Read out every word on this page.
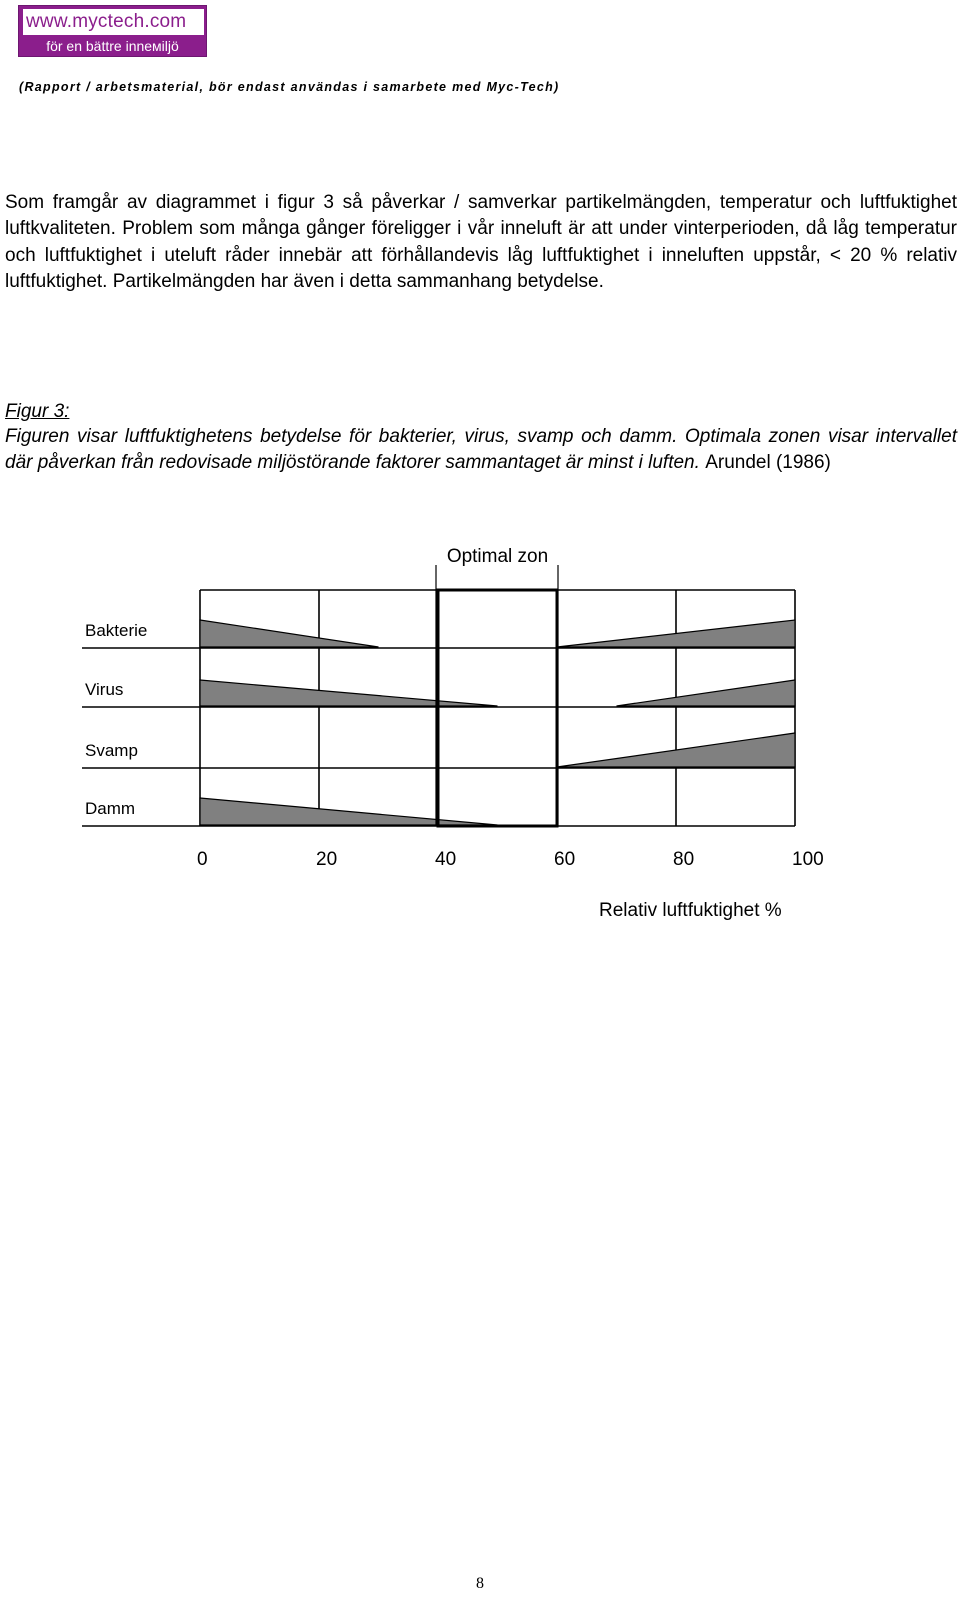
www.myctech.com
för en bättre inneмiljö
(Rapport / arbetsmaterial, bör endast användas i samarbete med Myc-Tech)

Som framgår av diagrammet i figur 3 så påverkar / samverkar partikelmängden, temperatur och luftfuktighet luftkvaliteten. Problem som många gånger föreligger i vår inneluft är att under vinterperioden, då låg temperatur och luftfuktighet i uteluft råder innebär att förhållandevis låg luftfuktighet i inneluften uppstår, < 20 % relativ luftfuktighet. Partikelmängden har även i detta sammanhang betydelse.

Figur 3:

Figuren visar luftfuktighetens betydelse för bakterier, virus, svamp och damm. Optimala zonen visar intervallet där påverkan från redovisade miljöstörande faktorer sammantaget är minst i luften. Arundel (1986)

Bakterie
Virus
Svamp
Damm
Optimal zon
0	20	40	60	80	100
Relativ luftfuktighet %
8
